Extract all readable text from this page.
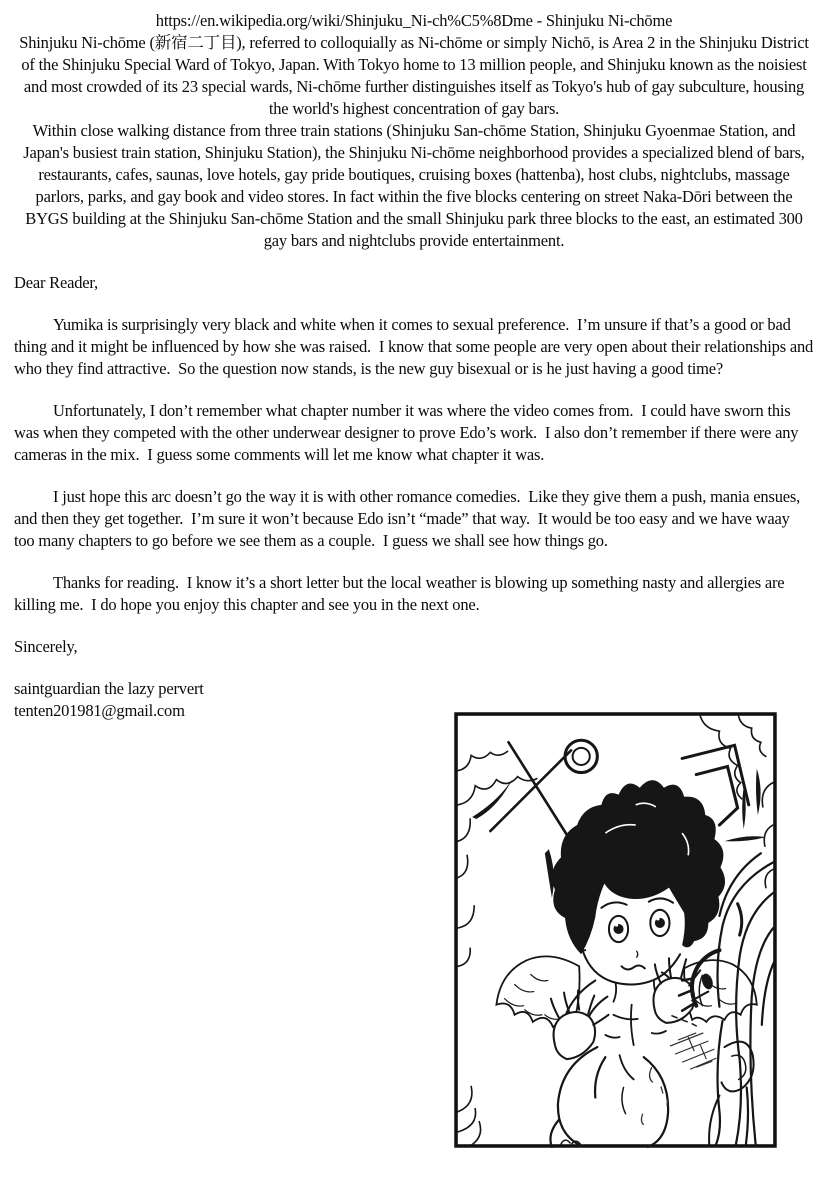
https://en.wikipedia.org/wiki/Shinjuku_Ni-ch%C5%8Dme - Shinjuku Ni-chōme

Shinjuku Ni-chōme (新宿二丁目), referred to colloquially as Ni-chōme or simply Nichō, is Area 2 in the Shinjuku District of the Shinjuku Special Ward of Tokyo, Japan. With Tokyo home to 13 million people, and Shinjuku known as the noisiest and most crowded of its 23 special wards, Ni-chōme further distinguishes itself as Tokyo's hub of gay subculture, housing the world's highest concentration of gay bars.

Within close walking distance from three train stations (Shinjuku San-chōme Station, Shinjuku Gyoenmae Station, and Japan's busiest train station, Shinjuku Station), the Shinjuku Ni-chōme neighborhood provides a specialized blend of bars, restaurants, cafes, saunas, love hotels, gay pride boutiques, cruising boxes (hattenba), host clubs, nightclubs, massage parlors, parks, and gay book and video stores. In fact within the five blocks centering on street Naka-Dōri between the BYGS building at the Shinjuku San-chōme Station and the small Shinjuku park three blocks to the east, an estimated 300 gay bars and nightclubs provide entertainment.

Dear Reader,

Yumika is surprisingly very black and white when it comes to sexual preference.  I’m unsure if that’s a good or bad thing and it might be influenced by how she was raised.  I know that some people are very open about their relationships and who they find attractive.  So the question now stands, is the new guy bisexual or is he just having a good time?

Unfortunately, I don’t remember what chapter number it was where the video comes from.  I could have sworn this was when they competed with the other underwear designer to prove Edo’s work.  I also don’t remember if there were any cameras in the mix.  I guess some comments will let me know what chapter it was.

I just hope this arc doesn’t go the way it is with other romance comedies.  Like they give them a push, mania ensues, and then they get together.  I’m sure it won’t because Edo isn’t “made” that way.  It would be too easy and we have waay too many chapters to go before we see them as a couple.  I guess we shall see how things go.

Thanks for reading.  I know it’s a short letter but the local weather is blowing up something nasty and allergies are killing me.  I do hope you enjoy this chapter and see you in the next one.

Sincerely,

saintguardian the lazy pervert
tenten201981@gmail.com
